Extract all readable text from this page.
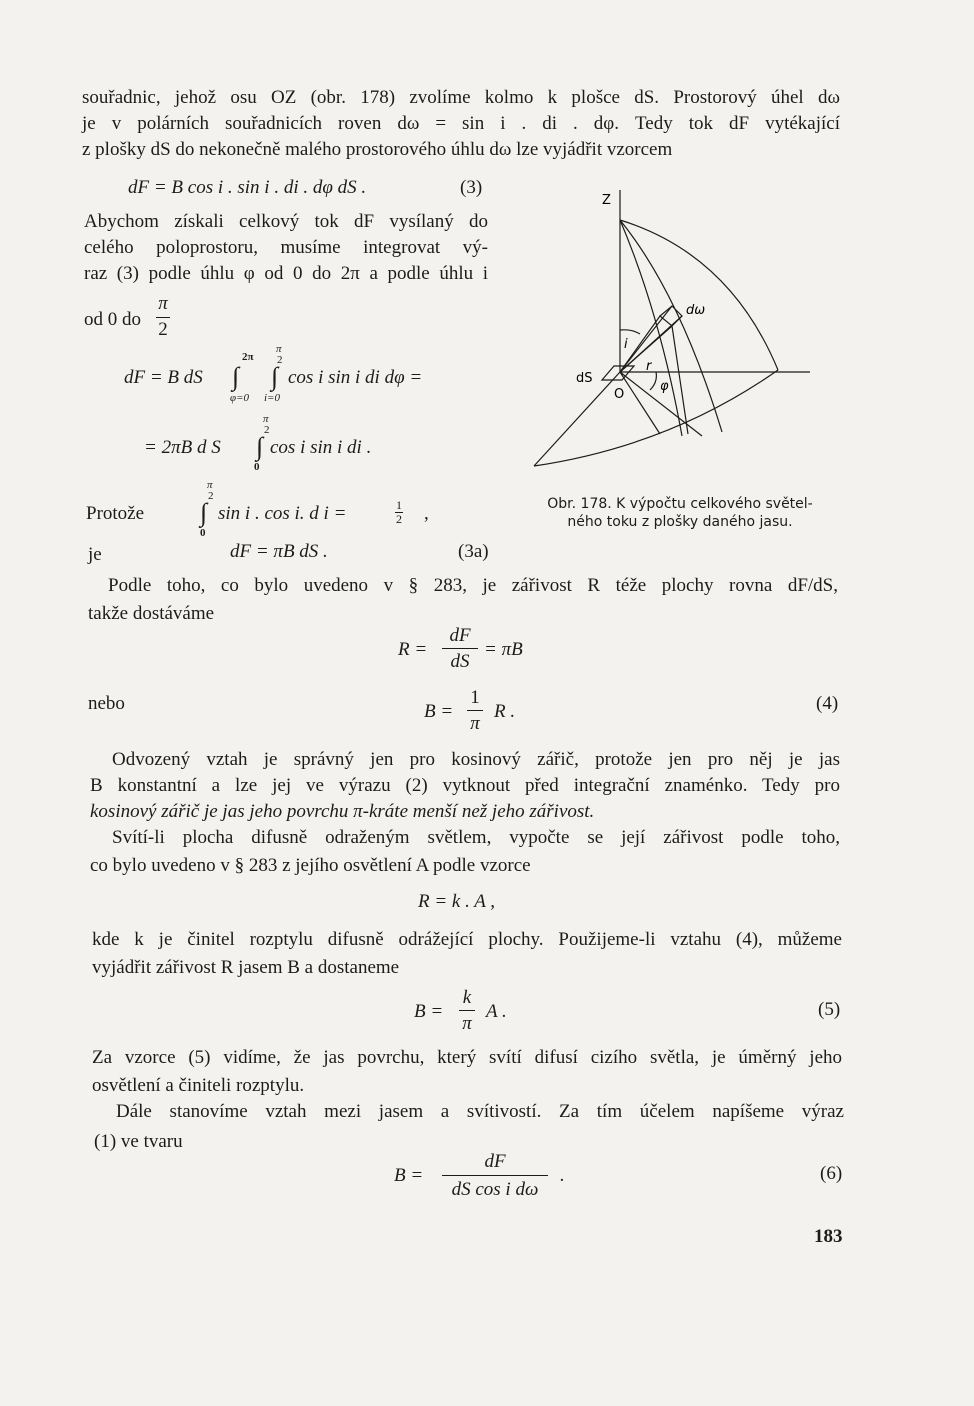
souřadnic, jehož osu OZ (obr. 178) zvolíme kolmo k plošce dS. Prostorový úhel dω
je v polárních souřadnicích roven dω = sin i . di . dφ. Tedy tok dF vytékající
z plošky dS do nekonečně malého prostorového úhlu dω lze vyjádřit vzorcem
dF = B cos i . sin i . di . dφ dS .	(3)
Abychom získali celkový tok dF vysílaný do
celého poloprostoru, musíme integrovat vý-
raz (3) podle úhlu φ od 0 do 2π a podle úhlu i
od 0 do
π
2
dF = B dS ∫
2π
φ=0
∫
π
2
i=0
cos i sin i di dφ =
= 2πB d S
π
2
∫
0
cos i sin i di .
Protože
π
2
∫
0
sin i . cos i. d i =	1
2 ,
je	dF = πB dS .	(3a)
Z
dω
i
r
φ
dS
O
Obr. 178. K výpočtu celkového světel-
ného toku z plošky daného jasu.
Podle toho, co bylo uvedeno v § 283, je zářivost R téže plochy rovna dF/dS,
takže dostáváme
R =
dF
dS
= πB
nebo	B =
1
π
R .	(4)
Odvozený vztah je správný jen pro kosinový zářič, protože jen pro něj je jas
B konstantní a lze jej ve výrazu (2) vytknout před integrační znaménko. Tedy pro
kosinový zářič je jas jeho povrchu π-kráte menší než jeho zářivost.
Svítí-li plocha difusně odraženým světlem, vypočte se její zářivost podle toho,
co bylo uvedeno v § 283 z jejího osvětlení A podle vzorce
R = k . A ,
kde k je činitel rozptylu difusně odrážející plochy. Použijeme-li vztahu (4), můžeme
vyjádřit zářivost R jasem B a dostaneme
B =
k
π
A .	(5)
Za vzorce (5) vidíme, že jas povrchu, který svítí difusí cizího světla, je úměrný jeho
osvětlení a činiteli rozptylu.
Dále stanovíme vztah mezi jasem a svítivostí. Za tím účelem napíšeme výraz
(1) ve tvaru
B =
dF
dS cos i dω
.	(6)
183
